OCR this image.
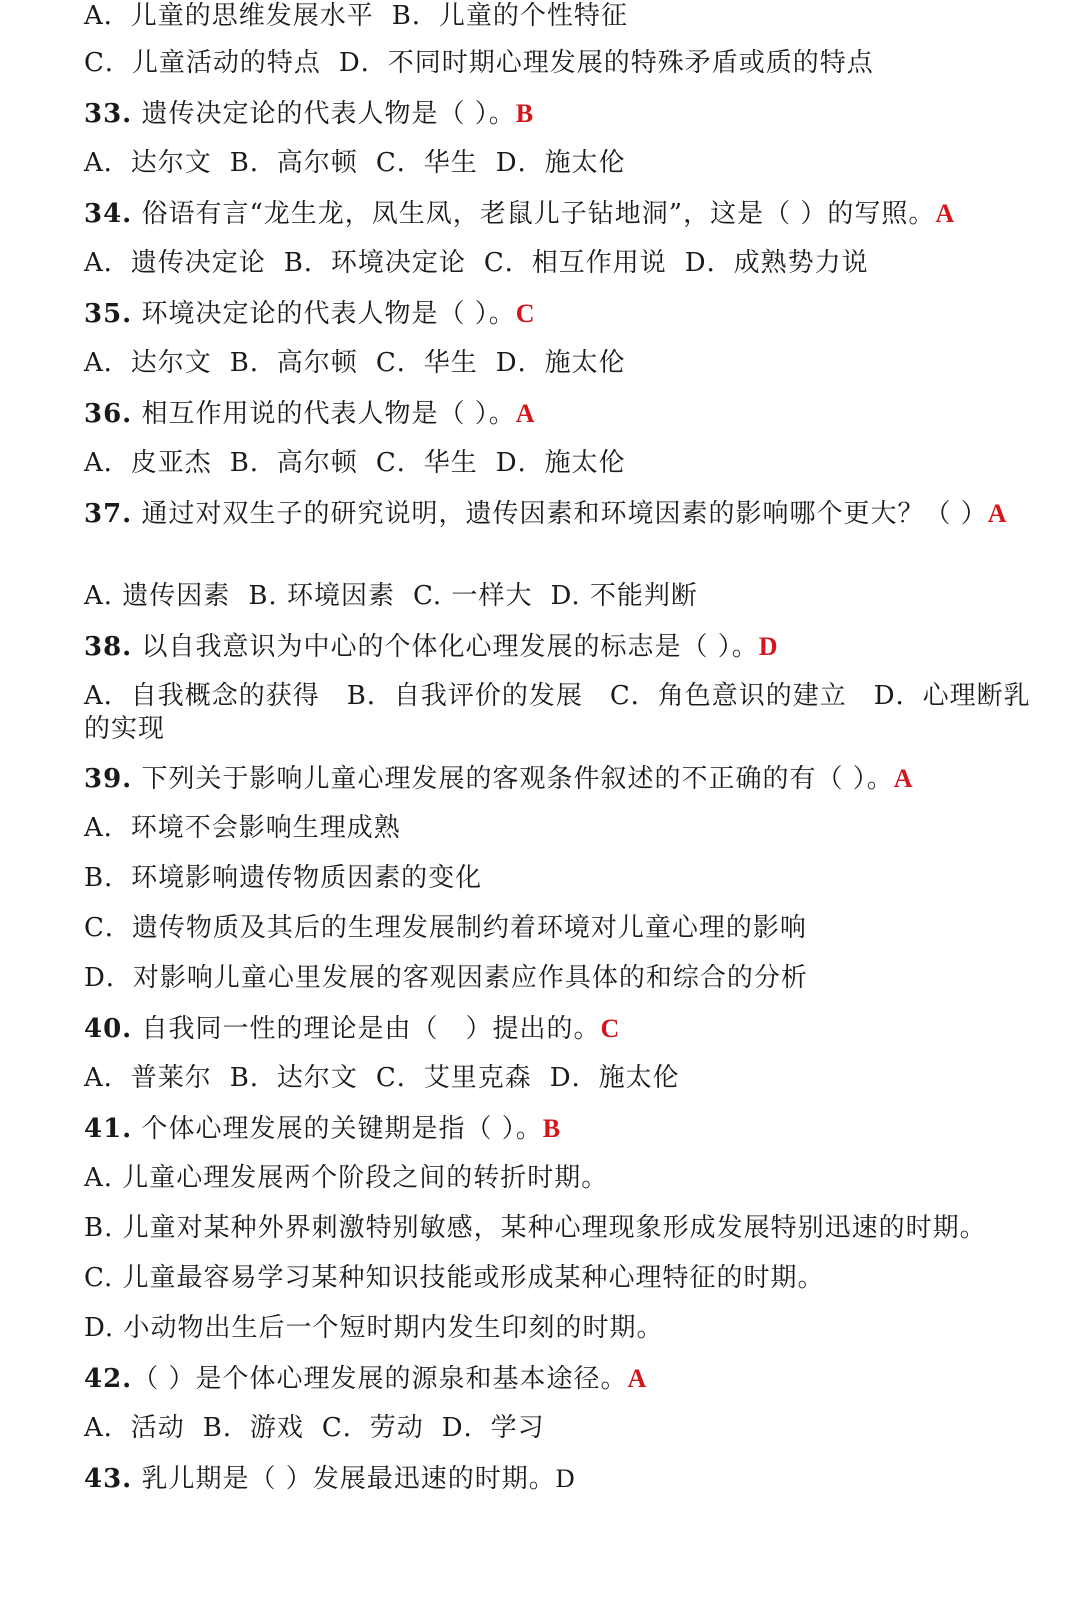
A．儿童的思维发展水平 B．儿童的个性特征
C．儿童活动的特点 D．不同时期心理发展的特殊矛盾或质的特点
33. 遗传决定论的代表人物是（ ）。B
A．达尔文 B．高尔顿 C．华生 D．施太伦
34. 俗语有言“龙生龙，凤生凤，老鼠儿子钻地洞”，这是（ ）的写照。A
A．遗传决定论 B．环境决定论 C．相互作用说 D．成熟势力说
35. 环境决定论的代表人物是（ ）。C
A．达尔文 B．高尔顿 C．华生 D．施太伦
36. 相互作用说的代表人物是（ ）。A
A．皮亚杰 B．高尔顿 C．华生 D．施太伦
37. 通过对双生子的研究说明，遗传因素和环境因素的影响哪个更大？（ ）A
A. 遗传因素 B. 环境因素 C. 一样大 D. 不能判断
38. 以自我意识为中心的个体化心理发展的标志是（ ）。D
A．自我概念的获得　B．自我评价的发展　C．角色意识的建立　D．心理断乳的实现
39. 下列关于影响儿童心理发展的客观条件叙述的不正确的有（ ）。A
A．环境不会影响生理成熟
B．环境影响遗传物质因素的变化
C．遗传物质及其后的生理发展制约着环境对儿童心理的影响
D．对影响儿童心里发展的客观因素应作具体的和综合的分析
40. 自我同一性的理论是由（　）提出的。C
A．普莱尔 B．达尔文 C．艾里克森 D．施太伦
41. 个体心理发展的关键期是指（ ）。B
A. 儿童心理发展两个阶段之间的转折时期。
B. 儿童对某种外界刺激特别敏感，某种心理现象形成发展特别迅速的时期。
C. 儿童最容易学习某种知识技能或形成某种心理特征的时期。
D. 小动物出生后一个短时期内发生印刻的时期。
42.（ ）是个体心理发展的源泉和基本途径。A
A．活动 B．游戏 C．劳动 D．学习
43. 乳儿期是（ ）发展最迅速的时期。D
